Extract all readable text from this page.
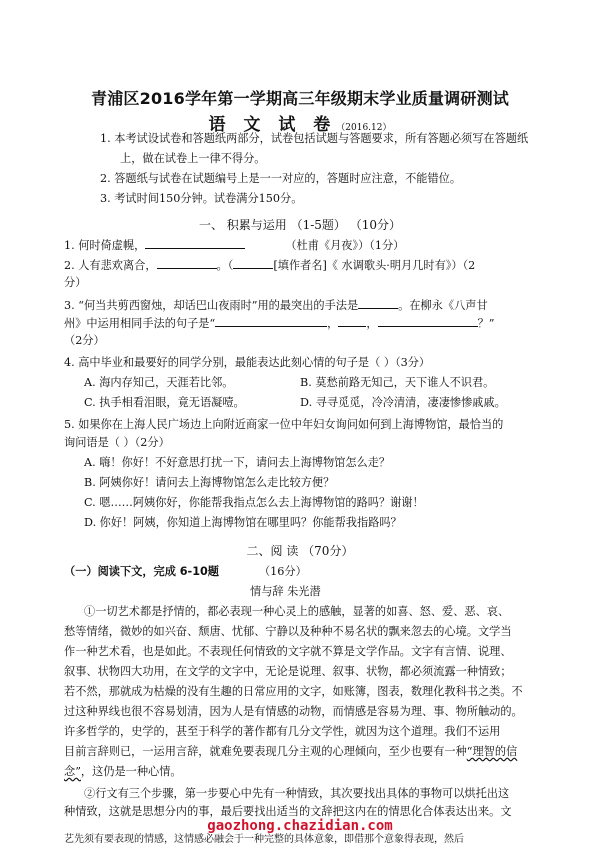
青浦区2016学年第一学期高三年级期末学业质量调研测试
语 文 试 卷（2016.12）
1. 本考试设试卷和答题纸两部分，试卷包括试题与答题要求，所有答题必须写在答题纸
上，做在试卷上一律不得分。
2. 答题纸与试卷在试题编号上是一一对应的，答题时应注意，不能错位。
3. 考试时间150分钟。试卷满分150分。
一、 积累与运用 （1-5题） （10分）
1. 何时倚虚幌，	（杜甫《月夜》）（1分）
2. 人有悲欢离合，	。（	[填作者名]《 水调歌头·明月几时有》）（2
分）
3. “何当共剪西窗烛，却话巴山夜雨时”用的最突出的手法是	。在柳永《八声甘
州》中运用相同手法的句子是“	，	，	？”
（2分）
4. 高中毕业和最要好的同学分别，最能表达此刻心情的句子是（ ）（3分）
A. 海内存知己，天涯若比邻。	B. 莫愁前路无知己，天下谁人不识君。
C. 执手相看泪眼，竟无语凝噎。	D. 寻寻觅觅，冷冷清清，凄凄惨惨戚戚。
5. 如果你在上海人民广场边上向附近商家一位中年妇女询问如何到上海博物馆，最恰当的
询问语是（ ）（2分）
A. 嗨！你好！不好意思打扰一下，请问去上海博物馆怎么走？
B. 阿姨你好！请问去上海博物馆怎么走比较方便？
C. 嗯……阿姨你好，你能帮我指点怎么去上海博物馆的路吗？谢谢！
D. 你好！阿姨，你知道上海博物馆在哪里吗？你能帮我指路吗？
二、阅 读 （70分）
（一）阅读下文，完成 6-10题	（16分）
情与辞 朱光潜
①一切艺术都是抒情的，都必表现一种心灵上的感触，显著的如喜、怒、爱、恶、哀、
愁等情绪，微妙的如兴奋、颓唐、忧郁、宁静以及种种不易名状的飘来忽去的心境。文学当
作一种艺术看，也是如此。不表现任何情致的文字就不算是文学作品。文字有言情、说理、
叙事、状物四大功用，在文学的文字中，无论是说理、叙事、状物，都必须流露一种情致；
若不然，那就成为枯燥的没有生趣的日常应用的文字，如账簿，图表，数理化教科书之类。不
过这种界线也很不容易划清，因为人是有情感的动物，而情感是容易为理、事、物所触动的。
许多哲学的，史学的，甚至于科学的著作都有几分文学性，就因为这个道理。我们不运用
目前言辞则已，一运用言辞，就难免要表现几分主观的心理倾向，至少也要有一种“理智的信
念”，这仍是一种心情。
②行文有三个步骤，第一步要心中先有一种情致，其次要找出具体的事物可以烘托出这
种情致，这就是思想分内的事，最后要找出适当的文辞把这内在的情思化合体表达出来。文
gaozhong.chazidian.com
艺先须有要表现的情感，这情感必融会于一种完整的具体意象，即借那个意象得表现，然后
